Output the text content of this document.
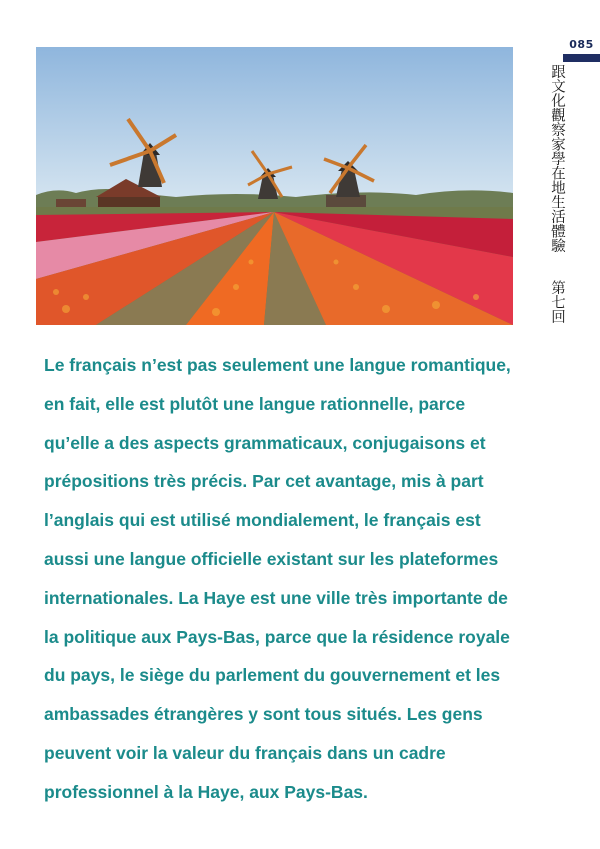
085
跟文化觀察家學在地生活體驗
第七回

Le français n’est pas seulement une langue romantique,
en fait, elle est plutôt une langue rationnelle, parce
qu’elle a des aspects grammaticaux, conjugaisons et
prépositions très précis. Par cet avantage, mis à part
l’anglais qui est utilisé mondialement, le français est
aussi une langue officielle existant sur les plateformes
internationales. La Haye est une ville très importante de
la politique aux Pays-Bas, parce que la résidence royale
du pays, le siège du parlement du gouvernement et les
ambassades étrangères y sont tous situés. Les gens
peuvent voir la valeur du français dans un cadre
professionnel à la Haye, aux Pays-Bas.
